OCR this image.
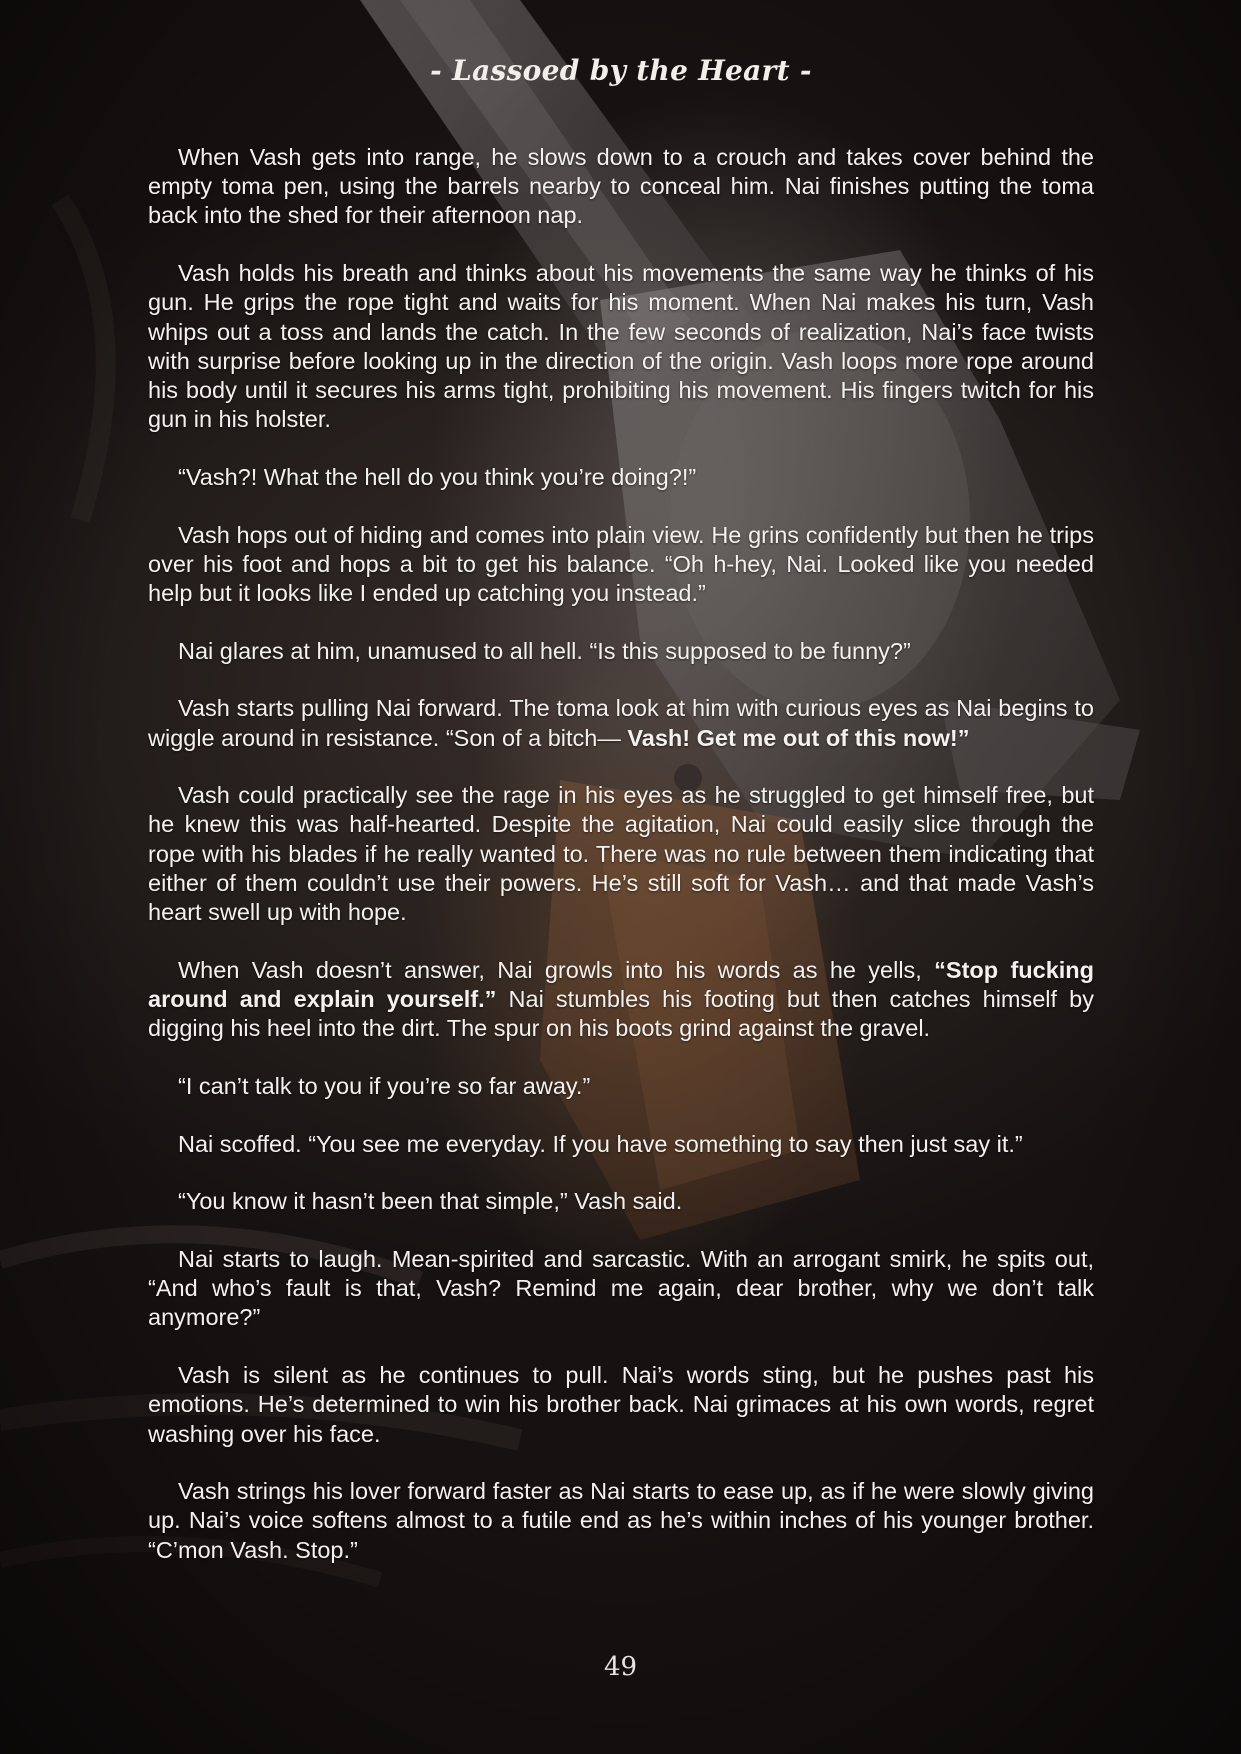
- Lassoed by the Heart -

When Vash gets into range, he slows down to a crouch and takes cover behind the empty toma pen, using the barrels nearby to conceal him. Nai finishes putting the toma back into the shed for their afternoon nap.

Vash holds his breath and thinks about his movements the same way he thinks of his gun. He grips the rope tight and waits for his moment. When Nai makes his turn, Vash whips out a toss and lands the catch. In the few seconds of realization, Nai’s face twists with surprise before looking up in the direction of the origin. Vash loops more rope around his body until it secures his arms tight, prohibiting his movement. His fingers twitch for his gun in his holster.

“Vash?! What the hell do you think you’re doing?!”

Vash hops out of hiding and comes into plain view. He grins confidently but then he trips over his foot and hops a bit to get his balance. “Oh h-hey, Nai. Looked like you needed help but it looks like I ended up catching you instead.”

Nai glares at him, unamused to all hell. “Is this supposed to be funny?”

Vash starts pulling Nai forward. The toma look at him with curious eyes as Nai begins to wiggle around in resistance. “Son of a bitch— Vash! Get me out of this now!”

Vash could practically see the rage in his eyes as he struggled to get himself free, but he knew this was half-hearted. Despite the agitation, Nai could easily slice through the rope with his blades if he really wanted to. There was no rule between them indicating that either of them couldn’t use their powers. He’s still soft for Vash… and that made Vash’s heart swell up with hope.

When Vash doesn’t answer, Nai growls into his words as he yells, “Stop fucking around and explain yourself.” Nai stumbles his footing but then catches himself by digging his heel into the dirt. The spur on his boots grind against the gravel.

“I can’t talk to you if you’re so far away.”

Nai scoffed. “You see me everyday. If you have something to say then just say it.”

“You know it hasn’t been that simple,” Vash said.

Nai starts to laugh. Mean-spirited and sarcastic. With an arrogant smirk, he spits out, “And who’s fault is that, Vash? Remind me again, dear brother, why we don’t talk anymore?”

Vash is silent as he continues to pull. Nai’s words sting, but he pushes past his emotions. He’s determined to win his brother back. Nai grimaces at his own words, regret washing over his face.

Vash strings his lover forward faster as Nai starts to ease up, as if he were slowly giving up. Nai’s voice softens almost to a futile end as he’s within inches of his younger brother. “C’mon Vash. Stop.”

49
